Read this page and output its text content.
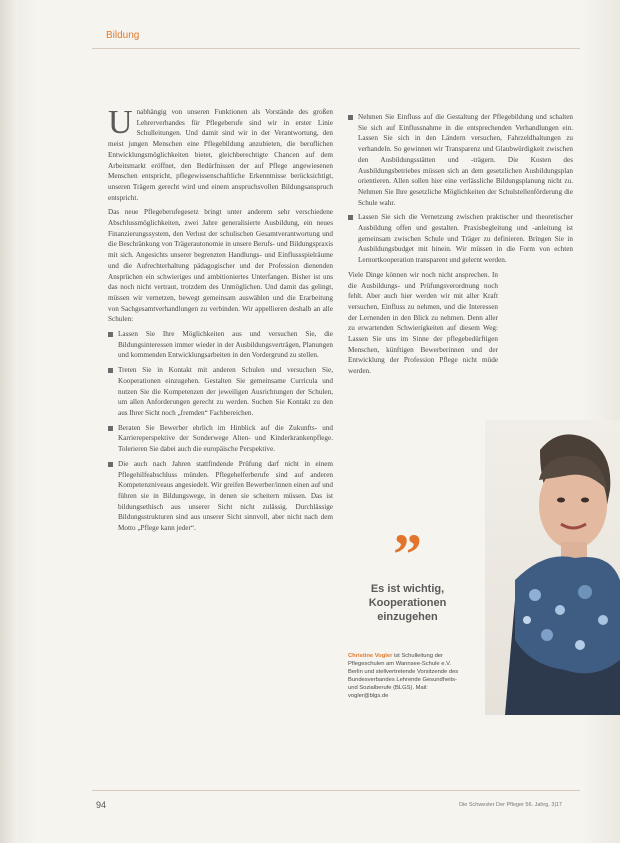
Bildung

Unabhängig von unseren Funktionen als Vorstände des großen Lehrerverbandes für Pflegeberufe sind wir in erster Linie Schulleitungen. Und damit sind wir in der Verantwortung, den meist jungen Menschen eine Pflegebildung anzubieten, die beruflichen Entwicklungsmöglichkeiten bietet, gleichberechtigte Chancen auf dem Arbeitsmarkt eröffnet, den Bedürfnissen der auf Pflege angewiesenen Menschen entspricht, pflegewissenschaftliche Erkenntnisse berücksichtigt, unseren Trägern gerecht wird und einem anspruchsvollen Bildungsanspruch entspricht.

Das neue Pflegeberufegesetz bringt unter anderem sehr verschiedene Abschlussmöglichkeiten, zwei Jahre generalisierte Ausbildung, ein neues Finanzierungssystem, den Verlust der schulischen Gesamtverantwortung und die Beschränkung von Trägerautonomie in unsere Berufs- und Bildungspraxis mit sich. Angesichts unserer begrenzten Handlungs- und Einflussspielräume und die Aufrechterhaltung pädagogischer und der Profession dienenden Ansprüchen ein schwieriges und ambitioniertes Unterfangen. Bisher ist uns das noch nicht vertraut, trotzdem des Unmöglichen. Und damit das gelingt, müssen wir vernetzen, bewegt gemeinsam auswählen und die Erarbeitung von Sachgesamtverhandlungen zu verbinden. Wir appellieren deshalb an alle Schulen:

Lassen Sie Ihre Möglichkeiten aus und versuchen Sie, die Bildungsinteressen immer wieder in der Ausbildungsverträgen, Planungen und kommenden Entwicklungsarbeiten in den Vordergrund zu stellen.
Treten Sie in Kontakt mit anderen Schulen und versuchen Sie, Kooperationen einzugehen. Gestalten Sie gemeinsame Curricula und nutzen Sie die Kompetenzen der jeweiligen Ausrichtungen der Schulen, um allen Anforderungen gerecht zu werden. Suchen Sie Kontakt zu den aus Ihrer Sicht noch „fremden“ Fachbereichen.
Beraten Sie Bewerber ehrlich im Hinblick auf die Zukunfts- und Karriereperspektive der Sonderwege Alten- und Kinderkrankenpflege. Tolerieren Sie dabei auch die europäische Perspektive.
Die auch nach Jahren stattfindende Prüfung darf nicht in einem Pflegehilfeabschluss münden. Pflegehelferberufe sind auf anderen Kompetenzniveaus angesiedelt. Wir greifen Bewerber/innen einen auf und führen sie in Bildungswege, in denen sie scheitern müssen. Das ist bildungsethisch aus unserer Sicht nicht zulässig. Durchlässige Bildungsstrukturen sind aus unserer Sicht sinnvoll, aber nicht nach dem Motto „Pflege kann jeder“.
Nehmen Sie Einfluss auf die Gestaltung der Pflegebildung und schalten Sie sich auf Einflussnahme in die entsprechenden Verhandlungen ein. Lassen Sie sich in den Ländern versuchen, Fahrzeldhaltungen zu verhandeln. So gewinnen wir Transparenz und Glaubwürdigkeit zwischen den Ausbildungsstätten und -trägern. Die Kosten des Ausbildungsbetriebes müssen sich an dem gesetzlichen Ausbildungsplan orientieren. Allen sollen hier eine verlässliche Bildungsplanung nicht zu. Nehmen Sie Ihre gesetzliche Möglichkeiten der Schulstellenförderung die Schule wahr.
Lassen Sie sich die Vernetzung zwischen praktischer und theoretischer Ausbildung offen und gestalten. Praxisbegleitung und -anleitung ist gemeinsam zwischen Schule und Träger zu definieren. Bringen Sie in Ausbildungsbudget mit hinein. Wir müssen in die Form von echten Lernortkooperation transparent und gelernt werden.

Viele Dinge können wir noch nicht ansprechen. In die Ausbildungs- und Prüfungsverordnung noch fehlt. Aber auch hier werden wir mit aller Kraft versuchen, Einfluss zu nehmen, und die Interessen der Lernenden in den Blick zu nehmen. Denn aller zu erwartenden Schwierigkeiten auf diesem Weg: Lassen Sie uns im Sinne der pflegebedürftigen Menschen, künftigen Bewerberinnen und der Entwicklung der Profession Pflege nicht müde werden.

”
Es ist wichtig, Kooperationen einzugehen
Christine Vogler ist Schulleitung der Pflegeschulen am Wannsee-Schule e.V. Berlin und stellvertretende Vorsitzende des Bundesverbandes Lehrende Gesundheits- und Sozialberufe (BLGS). Mail: vogler@blgs.de
94	Die Schwester Der Pfleger 56. Jahrg. 3|17
